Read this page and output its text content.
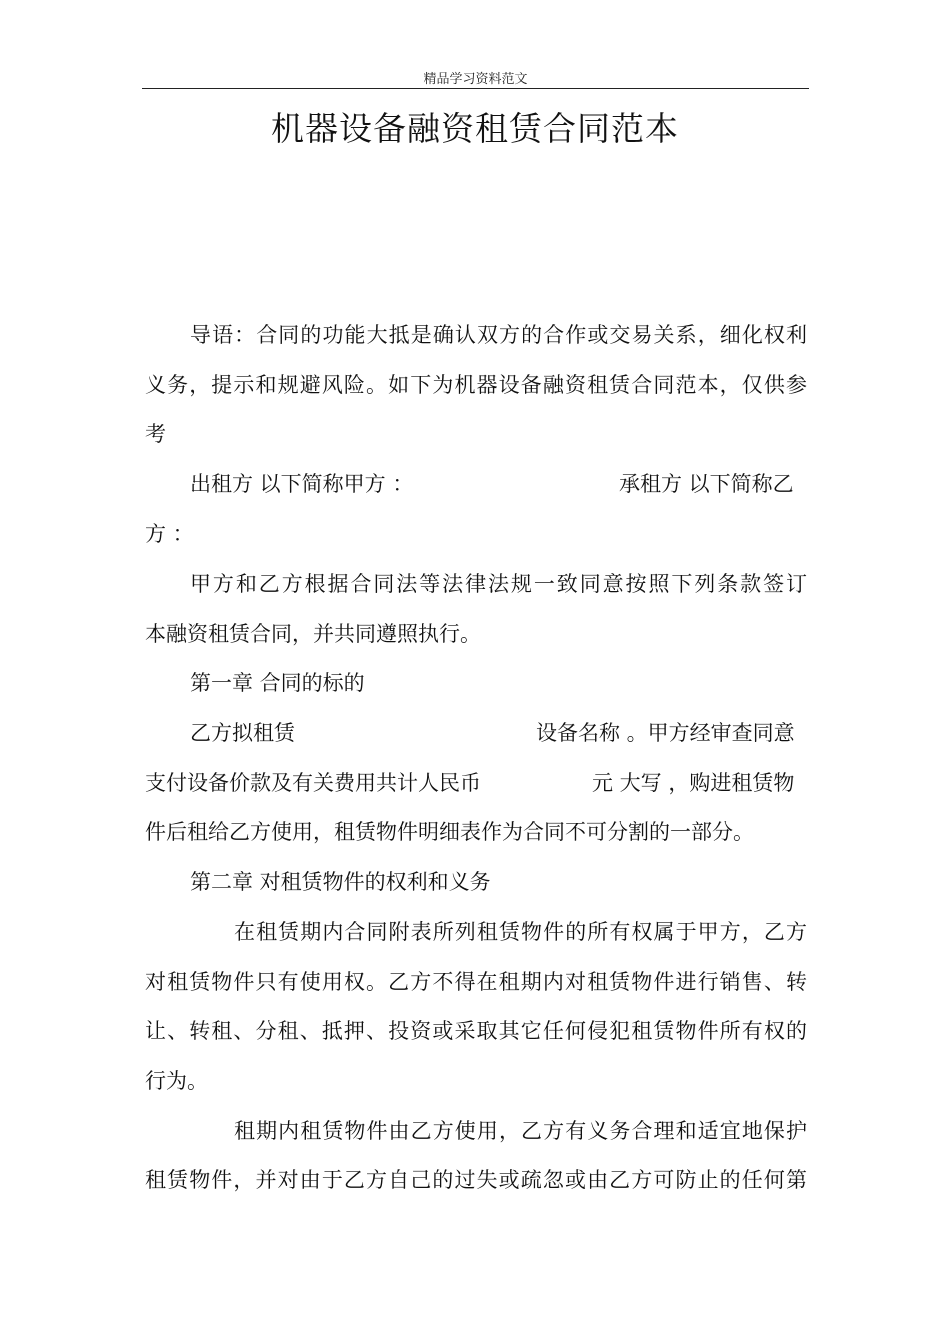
精品学习资料范文
机器设备融资租赁合同范本
导语：合同的功能大抵是确认双方的合作或交易关系，细化权利
义务，提示和规避风险。如下为机器设备融资租赁合同范本，仅供参
考
出租方 以下简称甲方 ：	承租方 以下简称乙
方 ：
甲方和乙方根据合同法等法律法规一致同意按照下列条款签订
本融资租赁合同，并共同遵照执行。
第一章 合同的标的
乙方拟租赁	设备名称 。甲方经审查同意
支付设备价款及有关费用共计人民币	元 大写 ，购进租赁物
件后租给乙方使用，租赁物件明细表作为合同不可分割的一部分。
第二章 对租赁物件的权利和义务
在租赁期内合同附表所列租赁物件的所有权属于甲方，乙方
对租赁物件只有使用权。乙方不得在租期内对租赁物件进行销售、转
让、转租、分租、抵押、投资或采取其它任何侵犯租赁物件所有权的
行为。
租期内租赁物件由乙方使用，乙方有义务合理和适宜地保护
租赁物件，并对由于乙方自己的过失或疏忽或由乙方可防止的任何第
